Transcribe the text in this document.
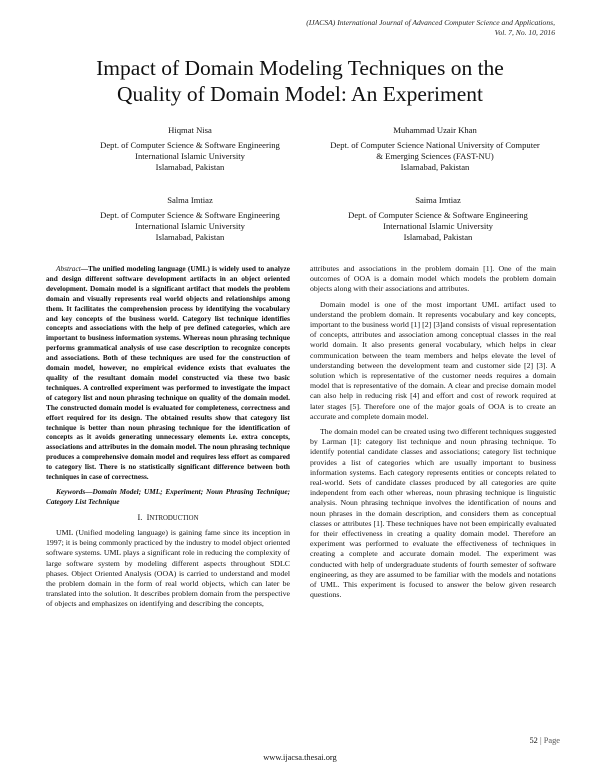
(IJACSA) International Journal of Advanced Computer Science and Applications,
Vol. 7, No. 10, 2016
Impact of Domain Modeling Techniques on the
Quality of Domain Model: An Experiment
Hiqmat Nisa
Dept. of Computer Science & Software Engineering
International Islamic University
Islamabad, Pakistan
Muhammad Uzair Khan
Dept. of Computer Science National University of Computer
& Emerging Sciences (FAST-NU)
Islamabad, Pakistan
Salma Imtiaz
Dept. of Computer Science & Software Engineering
International Islamic University
Islamabad, Pakistan
Saima Imtiaz
Dept. of Computer Science & Software Engineering
International Islamic University
Islamabad, Pakistan

Abstract—The unified modeling language (UML) is widely used to analyze and design different software development artifacts in an object oriented development. Domain model is a significant artifact that models the problem domain and visually represents real world objects and relationships among them. It facilitates the comprehension process by identifying the vocabulary and key concepts of the business world. Category list technique identifies concepts and associations with the help of pre defined categories, which are important to business information systems. Whereas noun phrasing technique performs grammatical analysis of use case description to recognize concepts and associations. Both of these techniques are used for the construction of domain model, however, no empirical evidence exists that evaluates the quality of the resultant domain model constructed via these two basic techniques. A controlled experiment was performed to investigate the impact of category list and noun phrasing technique on quality of the domain model. The constructed domain model is evaluated for completeness, correctness and effort required for its design. The obtained results show that category list technique is better than noun phrasing technique for the identification of concepts as it avoids generating unnecessary elements i.e. extra concepts, associations and attributes in the domain model. The noun phrasing technique produces a comprehensive domain model and requires less effort as compared to category list. There is no statistically significant difference between both techniques in case of correctness.

Keywords—Domain Model; UML; Experiment; Noun Phrasing Technique; Category List Technique

I. INTRODUCTION

UML (Unified modeling language) is gaining fame since its inception in 1997; it is being commonly practiced by the industry to model object oriented software systems. UML plays a significant role in reducing the complexity of large software system by modeling different aspects throughout SDLC phases. Object Oriented Analysis (OOA) is carried to understand and model the problem domain in the form of real world objects, which can later be translated into the solution. It describes problem domain from the perspective of objects and emphasizes on identifying and describing the concepts,

attributes and associations in the problem domain [1]. One of the main outcomes of OOA is a domain model which models the problem domain objects along with their associations and attributes.

Domain model is one of the most important UML artifact used to understand the problem domain. It represents vocabulary and key concepts, important to the business world [1] [2] [3]and consists of visual representation of concepts, attributes and association among conceptual classes in the real world domain. It also presents general vocabulary, which helps in clear communication between the team members and helps elevate the level of understanding between the development team and customer side [2] [3]. A solution which is representative of the customer needs requires a domain model that is representative of the domain. A clear and precise domain model can also help in reducing risk [4] and effort and cost of rework required at later stages [5]. Therefore one of the major goals of OOA is to create an accurate and complete domain model.

The domain model can be created using two different techniques suggested by Larman [1]: category list technique and noun phrasing technique. To identify potential candidate classes and associations; category list technique provides a list of categories which are usually important to business information systems. Each category represents entities or concepts related to real-world. Sets of candidate classes produced by all categories are quite independent from each other whereas, noun phrasing technique is linguistic analysis. Noun phrasing technique involves the identification of nouns and noun phrases in the domain description, and considers them as conceptual classes or attributes [1]. These techniques have not been empirically evaluated for their effectiveness in creating a quality domain model. Therefore an experiment was performed to evaluate the effectiveness of techniques in creating a complete and accurate domain model. The experiment was conducted with help of undergraduate students of fourth semester of software engineering, as they are assumed to be familiar with the models and notations of UML. This experiment is focused to answer the below given research questions.

52 | Page
www.ijacsa.thesai.org
